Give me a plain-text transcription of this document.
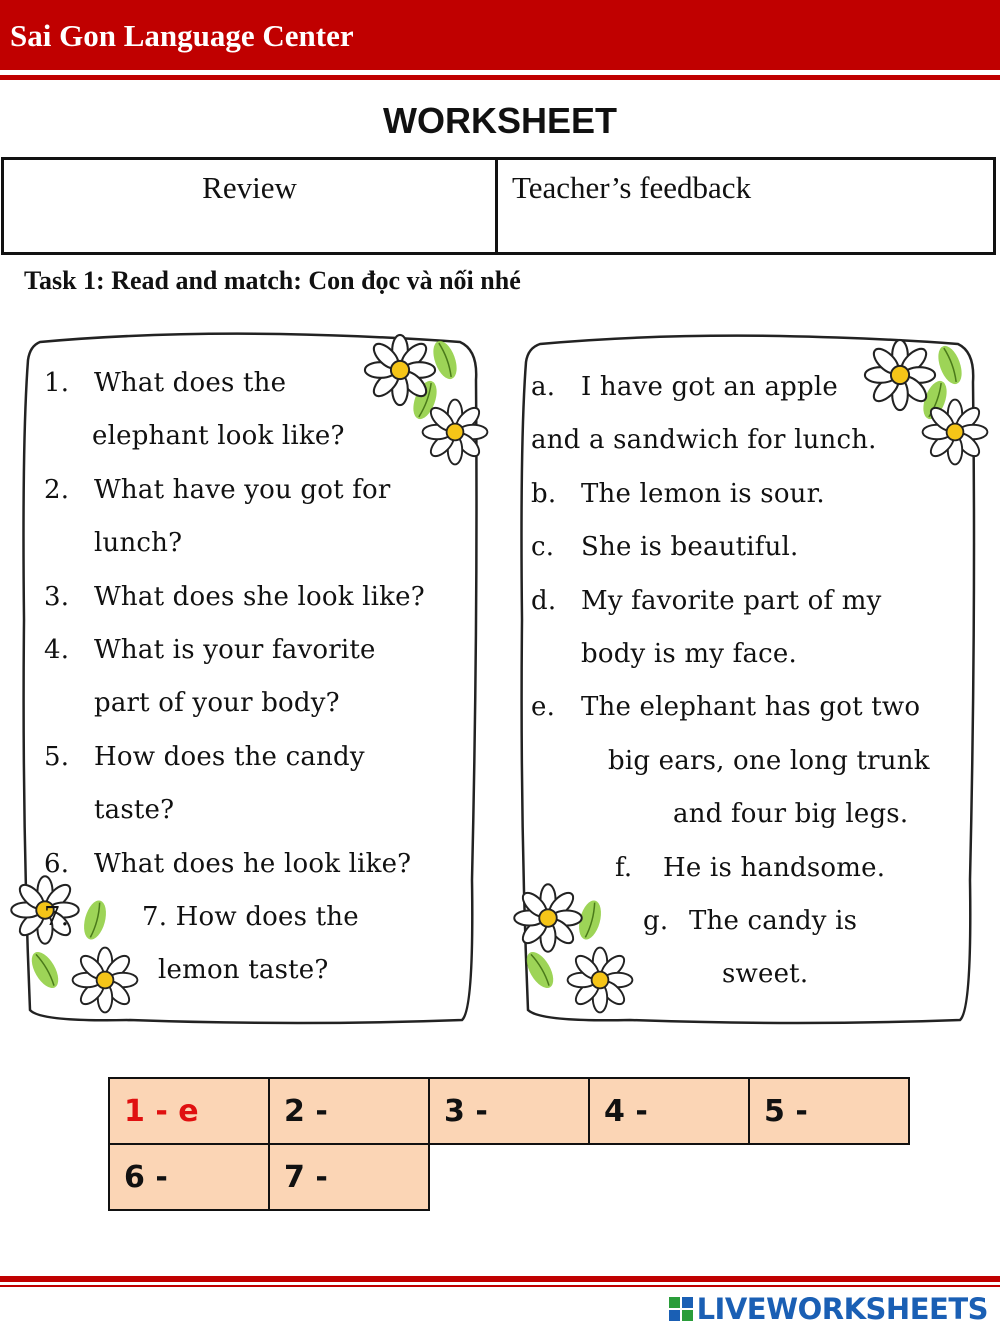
Sai Gon Language Center
WORKSHEET
Review	Teacher’s feedback
Task 1: Read and match: Con đọc và nối nhé
1. What does the
elephant look like?
2. What have you got for
lunch?
3. What does she look like?
4. What is your favorite
part of your body?
5. How does the candy
taste?
6. What does he look like?
7.	7. How does the
lemon taste?
a. I have got an apple
and a sandwich for lunch.
b. The lemon is sour.
c. She is beautiful.
d. My favorite part of my
body is my face.
e. The elephant has got two
big ears, one long trunk
and four big legs.
f. He is handsome.
g. The candy is
sweet.
1 - e	2 -	3 -	4 -	5 -
6 -	7 -			
LIVEWORKSHEETS
